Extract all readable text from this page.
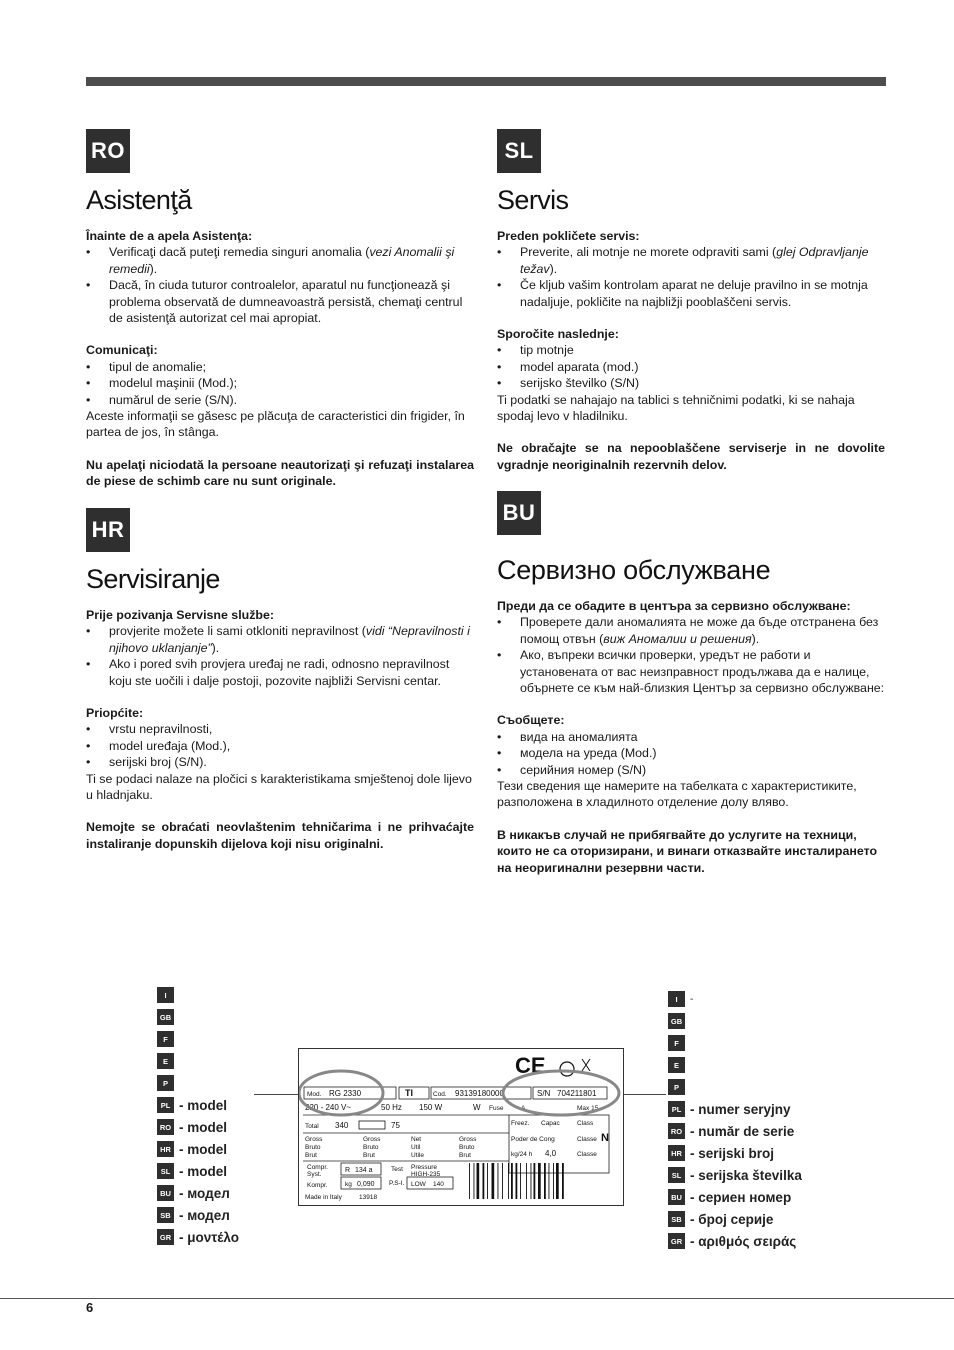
RO
Asistenţă
Înainte de a apela Asistenţa:
• Verificaţi dacă puteţi remedia singuri anomalia (vezi Anomalii şi remedii).
• Dacă, în ciuda tuturor controalelor, aparatul nu funcţionează şi problema observată de dumneavoastră persistă, chemaţi centrul de asistenţă autorizat cel mai apropiat.
Comunicaţi:
• tipul de anomalie;
• modelul maşinii (Mod.);
• numărul de serie (S/N).

Aceste informaţii se găsesc pe plăcuţa de caracteristici din frigider, în partea de jos, în stânga.

Nu apelaţi niciodată la persoane neautorizaţi şi refuzaţi instalarea de piese de schimb care nu sunt originale.

HR
Servisiranje
Prije pozivanja Servisne službe:
• provjerite možete li sami otkloniti nepravilnost (vidi “Nepravilnosti i njihovo uklanjanje”).
• Ako i pored svih provjera uređaj ne radi, odnosno nepravilnost koju ste uočili i dalje postoji, pozovite najbliži Servisni centar.
Priopćite:
• vrstu nepravilnosti,
• model uređaja (Mod.),
• serijski broj (S/N).

Ti se podaci nalaze na pločici s karakteristikama smještenoj dole lijevo u hladnjaku.

Nemojte se obraćati neovlaštenim tehničarima i ne prihvaćajte instaliranje dopunskih dijelova koji nisu originalni.

SL
Servis
Preden pokličete servis:
• Preverite, ali motnje ne morete odpraviti sami (glej Odpravljanje težav).
• Če kljub vašim kontrolam aparat ne deluje pravilno in se motnja nadaljuje, pokličite na najbližji pooblaščeni servis.
Sporočite naslednje:
• tip motnje
• model aparata (mod.)
• serijsko številko (S/N)

Ti podatki se nahajajo na tablici s tehničnimi podatki, ki se nahaja spodaj levo v hladilniku.

Ne obračajte se na nepooblaščene serviserje in ne dovolite vgradnje neoriginalnih rezervnih delov.

BU
Сервизно обслужване
Преди да се обадите в центъра за сервизно обслужване:
• Проверете дали аномалията не може да бъде отстранена без помощ отвън (виж Аномалии и решения).
• Ако, въпреки всички проверки, уредът не работи и установената от вас неизправност продължава да е налице, обърнете се към най-близкия Център за сервизно обслужване:
Съобщете:
• вида на аномалията
• модела на уреда (Mod.)
• серийния номер (S/N)

Тези сведения ще намерите на табелката с характеристиките, разположена в хладилното отделение долу вляво.

В никакъв случай не прибягвайте до услугите на техници, които не са оторизирани, и винаги отказвайте инсталирането на неоригинални резервни части.

I
GB
F
E
P
PL - model
RO - model
HR - model
SL - model
BU - модел
SB - модел
GR - μοντέλο
I	-
GB
F
E
P
PL - numer seryjny
RO - număr de serie
HR - serijski broj
SL - serijska številka
BU - сериен номер
SB - број серије
GR - αριθμός σειράς
CE
Mod. RG 2330	TI	Cod. 93139180000	S/N 704211801
220 - 240 V~	50 Hz 150 W	W Fuse	A	Max 15
Total 340	75	Freez. Capac	Class
Poder de Cong	Classe N
kg/24 h 4,0	Classe
Gross Bruto Brut
Gross Bruto Brut
Net Util Utile
Gross Bruto Brut
Compr. Syst.
R 134 a	Test Pressure HIGH-235
Kompr.	kg 0,090 P.S-I. LOW 140
Made in Italy	13918
6
